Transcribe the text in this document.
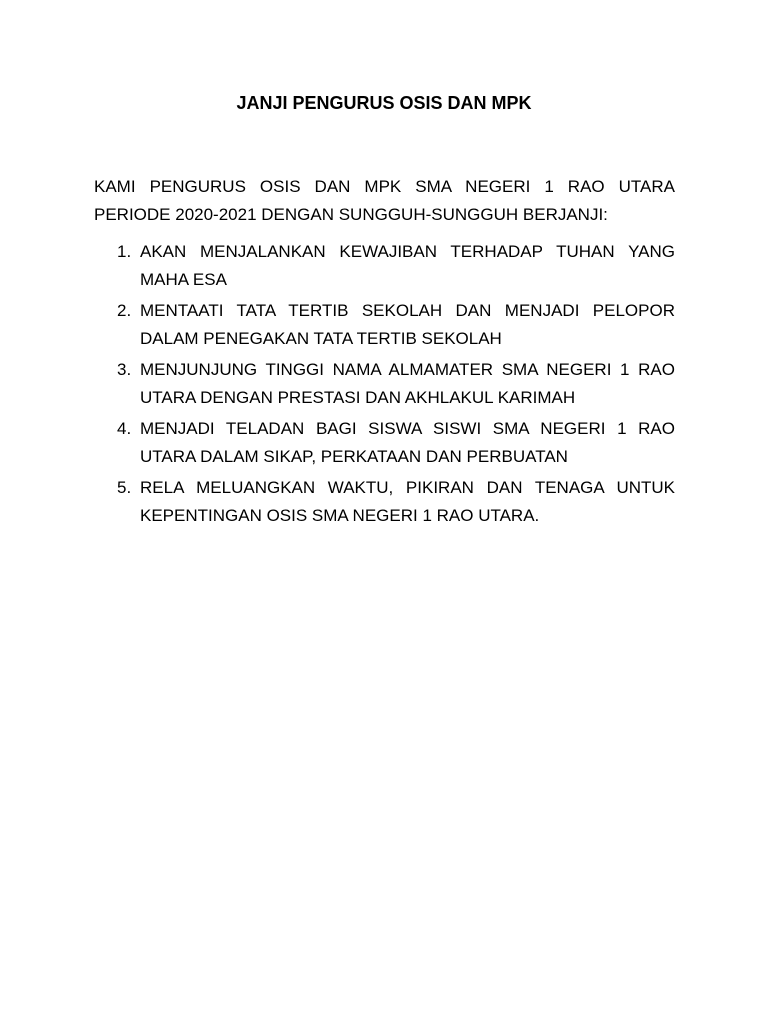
JANJI PENGURUS OSIS DAN MPK

KAMI PENGURUS OSIS DAN MPK SMA NEGERI 1 RAO UTARA
PERIODE 2020-2021 DENGAN SUNGGUH-SUNGGUH BERJANJI:

1. AKAN MENJALANKAN KEWAJIBAN TERHADAP TUHAN YANG
MAHA ESA
2. MENTAATI TATA TERTIB SEKOLAH DAN MENJADI PELOPOR
DALAM PENEGAKAN TATA TERTIB SEKOLAH
3. MENJUNJUNG TINGGI NAMA ALMAMATER SMA NEGERI 1 RAO
UTARA DENGAN PRESTASI DAN AKHLAKUL KARIMAH
4. MENJADI TELADAN BAGI SISWA SISWI SMA NEGERI 1 RAO
UTARA DALAM SIKAP, PERKATAAN DAN PERBUATAN
5. RELA MELUANGKAN WAKTU, PIKIRAN DAN TENAGA UNTUK
KEPENTINGAN OSIS SMA NEGERI 1 RAO UTARA.
